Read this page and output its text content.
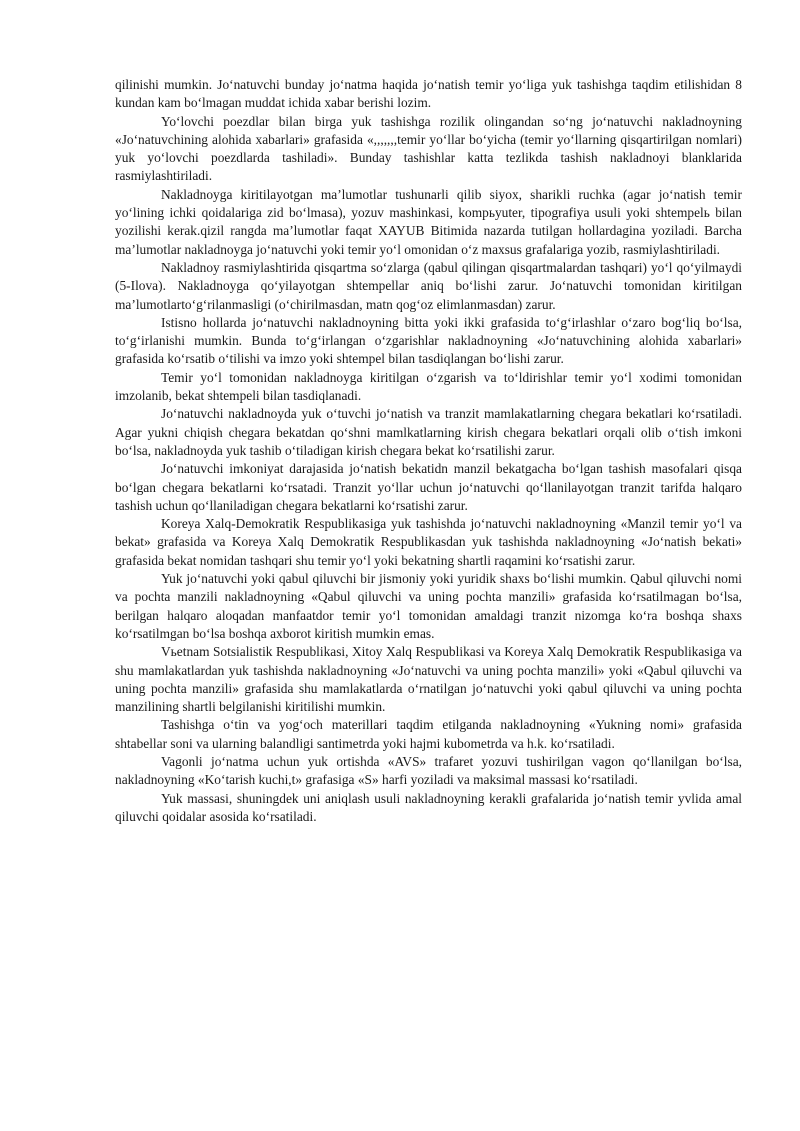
qilinishi mumkin. Jo‘natuvchi bunday jo‘natma haqida jo‘natish temir yo‘liga yuk tashishga taqdim etilishidan 8 kundan kam bo‘lmagan muddat ichida xabar berishi lozim.

Yo‘lovchi poezdlar bilan birga yuk tashishga rozilik olingandan so‘ng jo‘natuvchi nakladnoyning «Jo‘natuvchining alohida xabarlari» grafasida «,,,,,,,temir yo‘llar bo‘yicha (temir yo‘llarning qisqartirilgan nomlari) yuk yo‘lovchi poezdlarda tashiladi». Bunday tashishlar katta tezlikda tashish nakladnoyi blanklarida rasmiylashtiriladi.

Nakladnoyga kiritilayotgan ma’lumotlar tushunarli qilib siyox, sharikli ruchka (agar jo‘natish temir yo‘lining ichki qoidalariga zid bo‘lmasa), yozuv mashinkasi, kompьyuter, tipografiya usuli yoki shtempelь bilan yozilishi kerak.qizil rangda ma’lumotlar faqat XAYUB Bitimida nazarda tutilgan hollardagina yoziladi. Barcha ma’lumotlar nakladnoyga jo‘natuvchi yoki temir yo‘l omonidan o‘z maxsus grafalariga yozib, rasmiylashtiriladi.

Nakladnoy rasmiylashtirida qisqartma so‘zlarga (qabul qilingan qisqartmalardan tashqari) yo‘l qo‘yilmaydi (5-Ilova). Nakladnoyga qo‘yilayotgan shtempellar aniq bo‘lishi zarur. Jo‘natuvchi tomonidan kiritilgan ma’lumotlarto‘g‘rilanmasligi (o‘chirilmasdan, matn qog‘oz elimlanmasdan) zarur.

Istisno hollarda jo‘natuvchi nakladnoyning bitta yoki ikki grafasida to‘g‘irlashlar o‘zaro bog‘liq bo‘lsa, to‘g‘irlanishi mumkin. Bunda to‘g‘irlangan o‘zgarishlar nakladnoyning «Jo‘natuvchining alohida xabarlari» grafasida ko‘rsatib o‘tilishi va imzo yoki shtempel bilan tasdiqlangan bo‘lishi zarur.

Temir yo‘l tomonidan nakladnoyga kiritilgan o‘zgarish va to‘ldirishlar temir yo‘l xodimi tomonidan imzolanib, bekat shtempeli bilan tasdiqlanadi.

Jo‘natuvchi nakladnoyda yuk o‘tuvchi jo‘natish va tranzit mamlakatlarning chegara bekatlari ko‘rsatiladi. Agar yukni chiqish chegara bekatdan qo‘shni mamlkatlarning kirish chegara bekatlari orqali olib o‘tish imkoni bo‘lsa, nakladnoyda yuk tashib o‘tiladigan kirish chegara bekat ko‘rsatilishi zarur.

Jo‘natuvchi imkoniyat darajasida jo‘natish bekatidn manzil bekatgacha bo‘lgan tashish masofalari qisqa bo‘lgan chegara bekatlarni ko‘rsatadi. Tranzit yo‘llar uchun jo‘natuvchi qo‘llanilayotgan tranzit tarifda halqaro tashish uchun qo‘llaniladigan chegara bekatlarni ko‘rsatishi zarur.

Koreya Xalq-Demokratik Respublikasiga yuk tashishda jo‘natuvchi nakladnoyning «Manzil temir yo‘l va bekat» grafasida va Koreya Xalq Demokratik Respublikasdan yuk tashishda nakladnoyning «Jo‘natish bekati» grafasida bekat nomidan tashqari shu temir yo‘l yoki bekatning shartli raqamini ko‘rsatishi zarur.

Yuk jo‘natuvchi yoki qabul qiluvchi bir jismoniy yoki yuridik shaxs bo‘lishi mumkin. Qabul qiluvchi nomi va pochta manzili nakladnoyning «Qabul qiluvchi va uning pochta manzili» grafasida ko‘rsatilmagan bo‘lsa, berilgan halqaro aloqadan manfaatdor temir yo‘l tomonidan amaldagi tranzit nizomga ko‘ra boshqa shaxs ko‘rsatilmgan bo‘lsa boshqa axborot kiritish mumkin emas.

Vьetnam Sotsialistik Respublikasi, Xitoy Xalq Respublikasi va Koreya Xalq Demokratik Respublikasiga va shu mamlakatlardan yuk tashishda nakladnoyning «Jo‘natuvchi va uning pochta manzili» yoki «Qabul qiluvchi va uning pochta manzili» grafasida shu mamlakatlarda o‘rnatilgan jo‘natuvchi yoki qabul qiluvchi va uning pochta manzilining shartli belgilanishi kiritilishi mumkin.

Tashishga o‘tin va yog‘och materillari taqdim etilganda nakladnoyning «Yukning nomi» grafasida shtabellar soni va ularning balandligi santimetrda yoki hajmi kubometrda va h.k. ko‘rsatiladi.

Vagonli jo‘natma uchun yuk ortishda «AVS» trafaret yozuvi tushirilgan vagon qo‘llanilgan bo‘lsa, nakladnoyning «Ko‘tarish kuchi,t» grafasiga «S» harfi yoziladi va maksimal massasi ko‘rsatiladi.

Yuk massasi, shuningdek uni aniqlash usuli nakladnoyning kerakli grafalarida jo‘natish temir yvlida amal qiluvchi qoidalar asosida ko‘rsatiladi.
